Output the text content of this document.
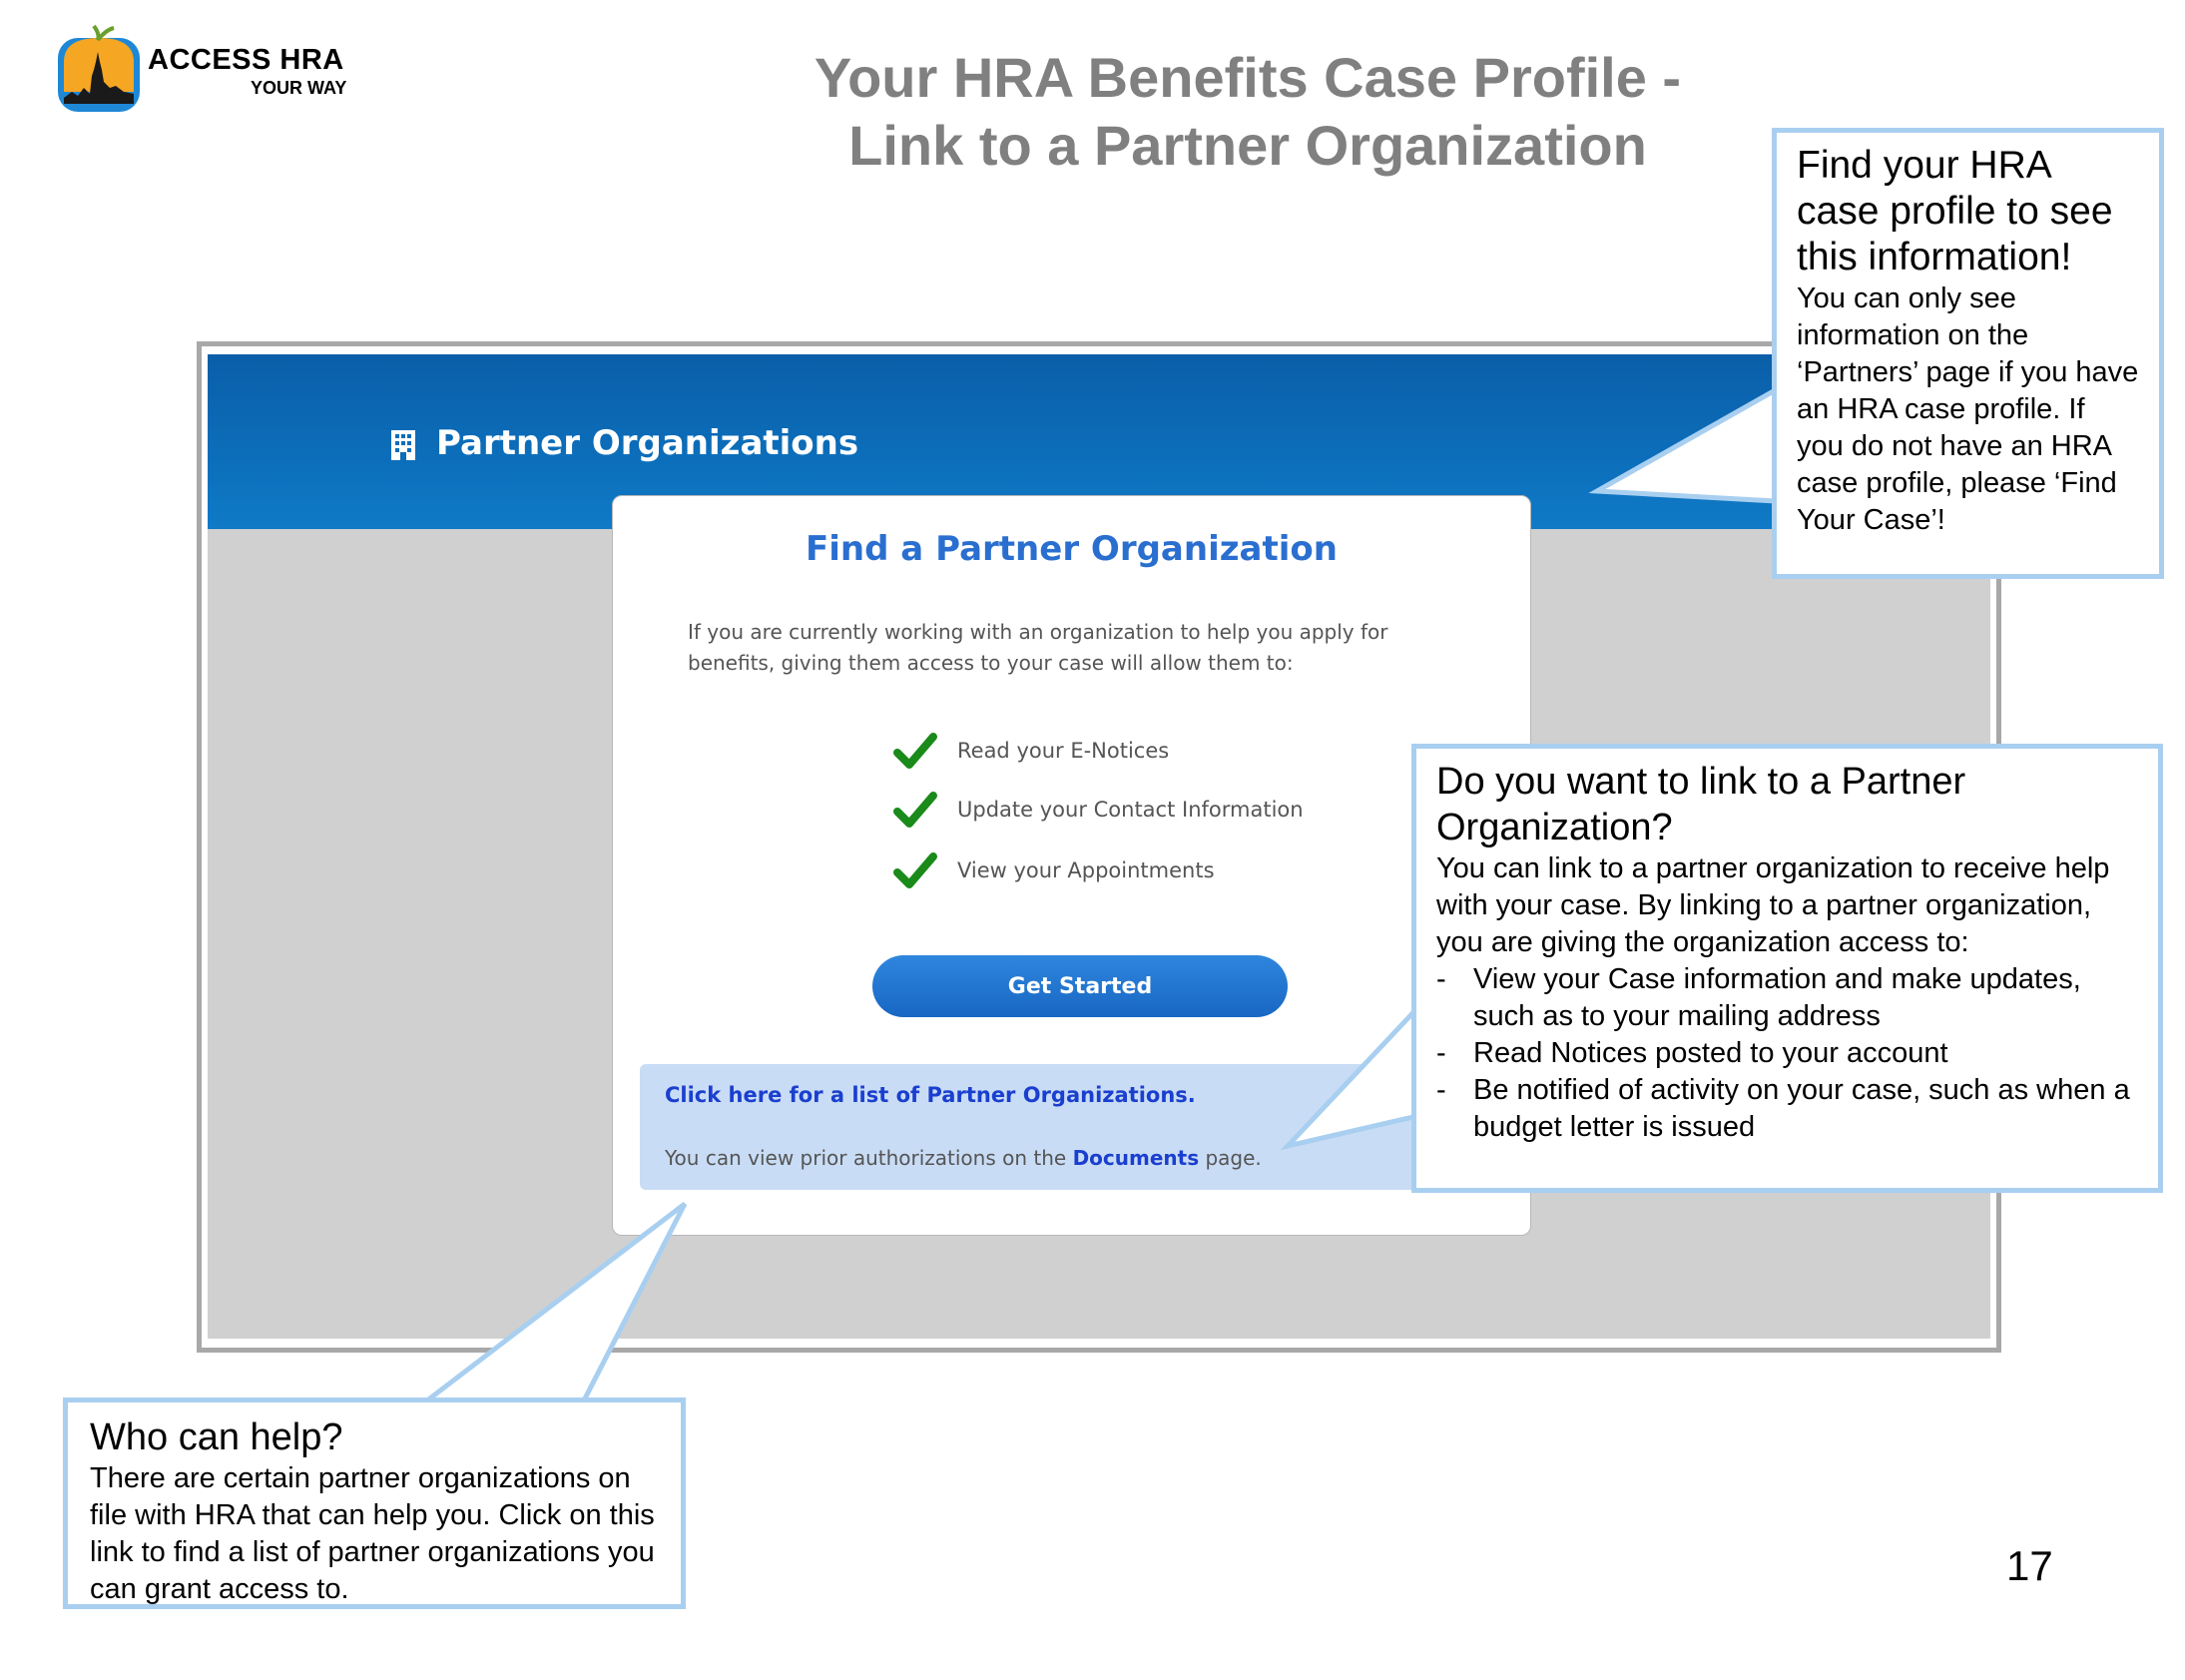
ACCESS HRA
YOUR WAY	Your HRA Benefits Case Profile -
Link to a Partner Organization
Partner Organizations
Find a Partner Organization
If you are currently working with an organization to help you apply for
benefits, giving them access to your case will allow them to:
Read your E-Notices
Update your Contact Information
View your Appointments
Get Started
Click here for a list of Partner Organizations.
You can view prior authorizations on the Documents page.
Find your HRA case profile to see this information!

You can only see information on the ‘Partners’ page if you have an HRA case profile. If you do not have an HRA case profile, please ‘Find Your Case’!

Do you want to link to a Partner Organization?

You can link to a partner organization to receive help with your case. By linking to a partner organization, you are giving the organization access to:

- View your Case information and make updates, such as to your mailing address
- Read Notices posted to your account
- Be notified of activity on your case, such as when a budget letter is issued
Who can help?

There are certain partner organizations on file with HRA that can help you. Click on this link to find a list of partner organizations you can grant access to.	17
